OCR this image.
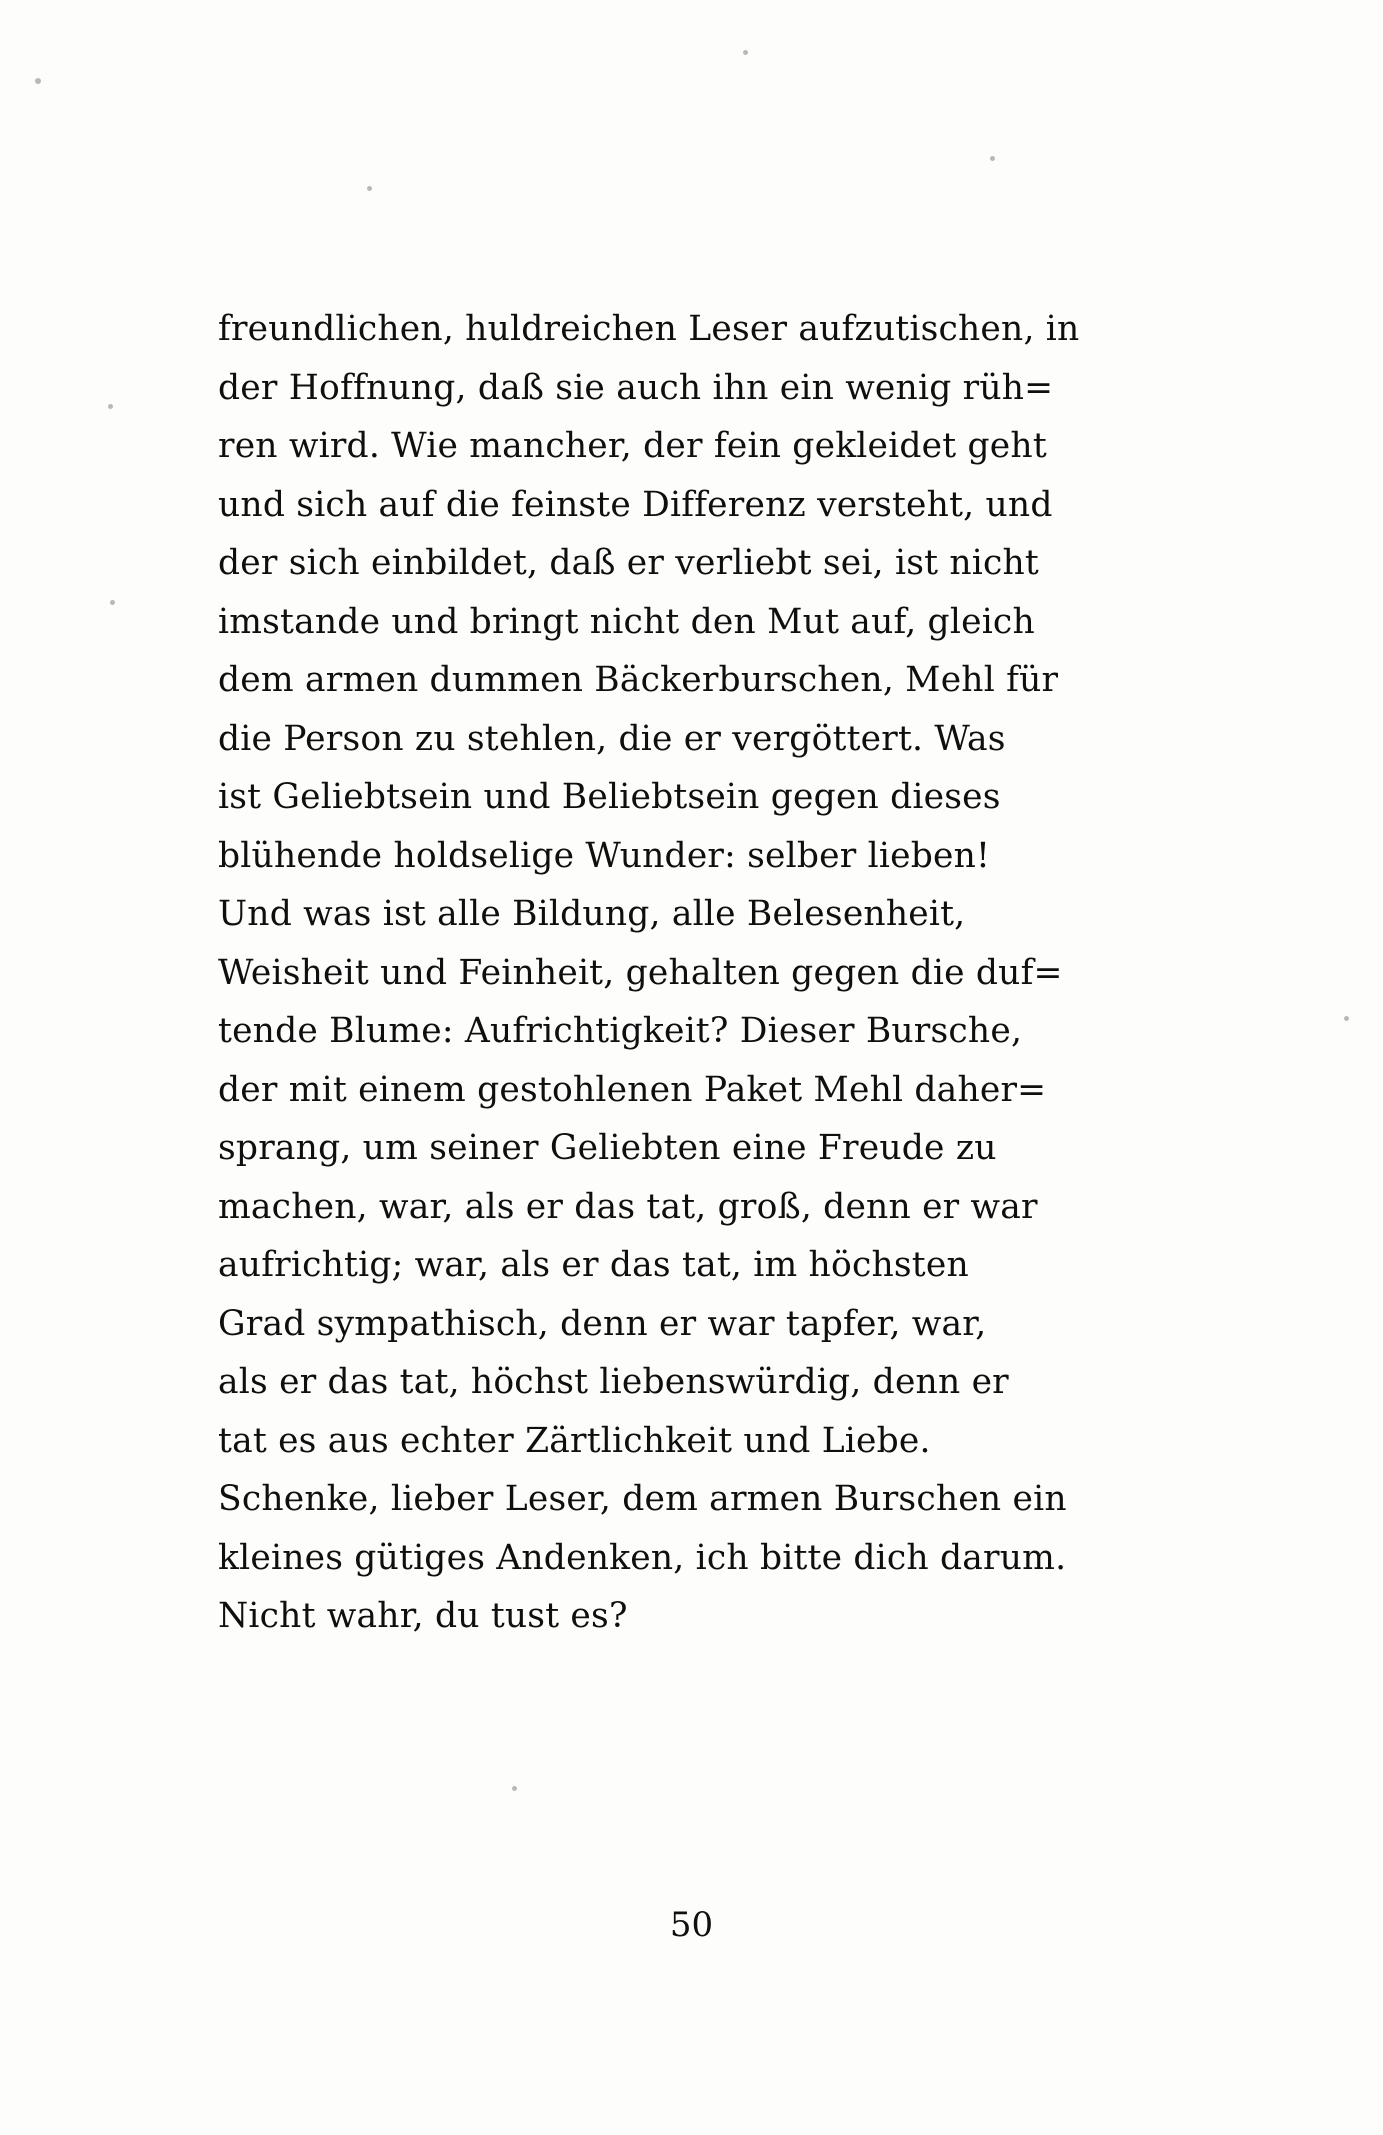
freundlichen, huldreichen Leser aufzutischen, in
der Hoffnung, daß sie auch ihn ein wenig rüh=
ren wird. Wie mancher, der fein gekleidet geht
und sich auf die feinste Differenz versteht, und
der sich einbildet, daß er verliebt sei, ist nicht
imstande und bringt nicht den Mut auf, gleich
dem armen dummen Bäckerburschen, Mehl für
die Person zu stehlen, die er vergöttert. Was
ist Geliebtsein und Beliebtsein gegen dieses
blühende holdselige Wunder: selber lieben!
Und was ist alle Bildung, alle Belesenheit,
Weisheit und Feinheit, gehalten gegen die duf=
tende Blume: Aufrichtigkeit? Dieser Bursche,
der mit einem gestohlenen Paket Mehl daher=
sprang, um seiner Geliebten eine Freude zu
machen, war, als er das tat, groß, denn er war
aufrichtig; war, als er das tat, im höchsten
Grad sympathisch, denn er war tapfer, war,
als er das tat, höchst liebenswürdig, denn er
tat es aus echter Zärtlichkeit und Liebe.
Schenke, lieber Leser, dem armen Burschen ein
kleines gütiges Andenken, ich bitte dich darum.
Nicht wahr, du tust es?
50
